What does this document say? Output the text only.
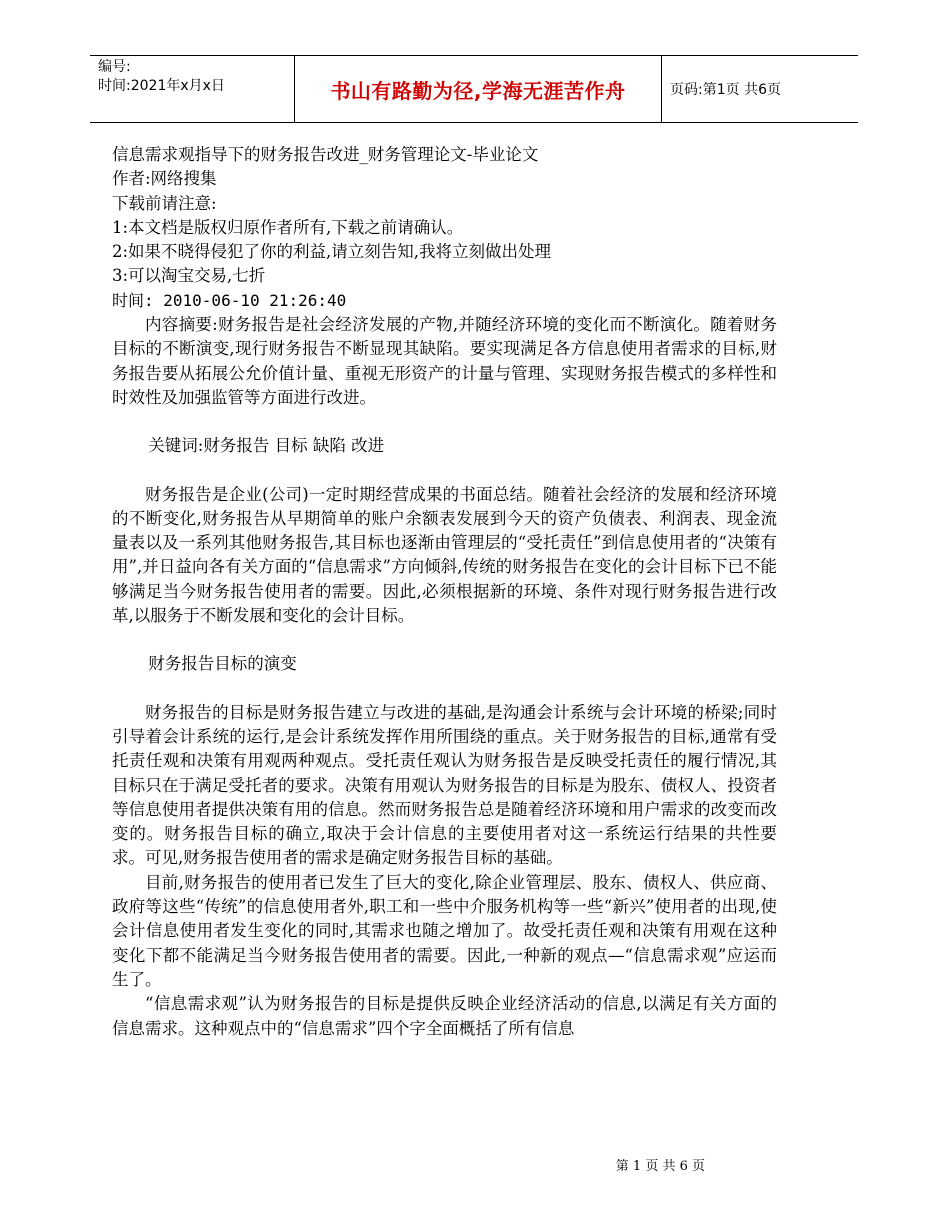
编号:
时间:2021年x月x日	书山有路勤为径,学海无涯苦作舟	页码:第1页 共6页
信息需求观指导下的财务报告改进_财务管理论文-毕业论文
作者:网络搜集
下载前请注意:
1:本文档是版权归原作者所有,下载之前请确认。
2:如果不晓得侵犯了你的利益,请立刻告知,我将立刻做出处理
3:可以淘宝交易,七折
时间: 2010-06-10 21:26:40

内容摘要:财务报告是社会经济发展的产物,并随经济环境的变化而不断演化。随着财务目标的不断演变,现行财务报告不断显现其缺陷。要实现满足各方信息使用者需求的目标,财务报告要从拓展公允价值计量、重视无形资产的计量与管理、实现财务报告模式的多样性和时效性及加强监管等方面进行改进。

关键词:财务报告 目标 缺陷 改进

财务报告是企业(公司)一定时期经营成果的书面总结。随着社会经济的发展和经济环境的不断变化,财务报告从早期简单的账户余额表发展到今天的资产负债表、利润表、现金流量表以及一系列其他财务报告,其目标也逐渐由管理层的“受托责任”到信息使用者的“决策有用”,并日益向各有关方面的“信息需求”方向倾斜,传统的财务报告在变化的会计目标下已不能够满足当今财务报告使用者的需要。因此,必须根据新的环境、条件对现行财务报告进行改革,以服务于不断发展和变化的会计目标。

财务报告目标的演变

财务报告的目标是财务报告建立与改进的基础,是沟通会计系统与会计环境的桥梁;同时引导着会计系统的运行,是会计系统发挥作用所围绕的重点。关于财务报告的目标,通常有受托责任观和决策有用观两种观点。受托责任观认为财务报告是反映受托责任的履行情况,其目标只在于满足受托者的要求。决策有用观认为财务报告的目标是为股东、债权人、投资者等信息使用者提供决策有用的信息。然而财务报告总是随着经济环境和用户需求的改变而改变的。财务报告目标的确立,取决于会计信息的主要使用者对这一系统运行结果的共性要求。可见,财务报告使用者的需求是确定财务报告目标的基础。

目前,财务报告的使用者已发生了巨大的变化,除企业管理层、股东、债权人、供应商、政府等这些“传统”的信息使用者外,职工和一些中介服务机构等一些“新兴”使用者的出现,使会计信息使用者发生变化的同时,其需求也随之增加了。故受托责任观和决策有用观在这种变化下都不能满足当今财务报告使用者的需要。因此,一种新的观点—“信息需求观”应运而生了。

“信息需求观”认为财务报告的目标是提供反映企业经济活动的信息,以满足有关方面的信息需求。这种观点中的“信息需求”四个字全面概括了所有信息

第 1 页 共 6 页
